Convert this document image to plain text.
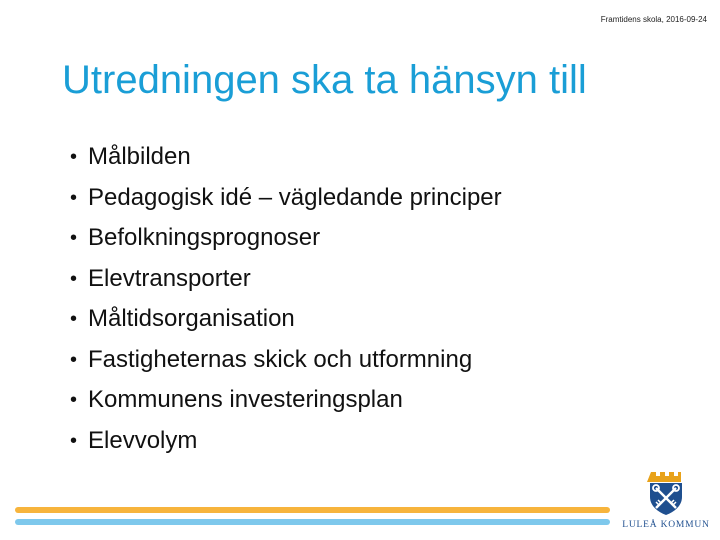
Framtidens skola, 2016-09-24
Utredningen ska ta hänsyn till
• Målbilden
• Pedagogisk idé – vägledande principer
• Befolkningsprognoser
• Elevtransporter
• Måltidsorganisation
• Fastigheternas skick och utformning
• Kommunens investeringsplan
• Elevvolym
LULEÅ KOMMUN
